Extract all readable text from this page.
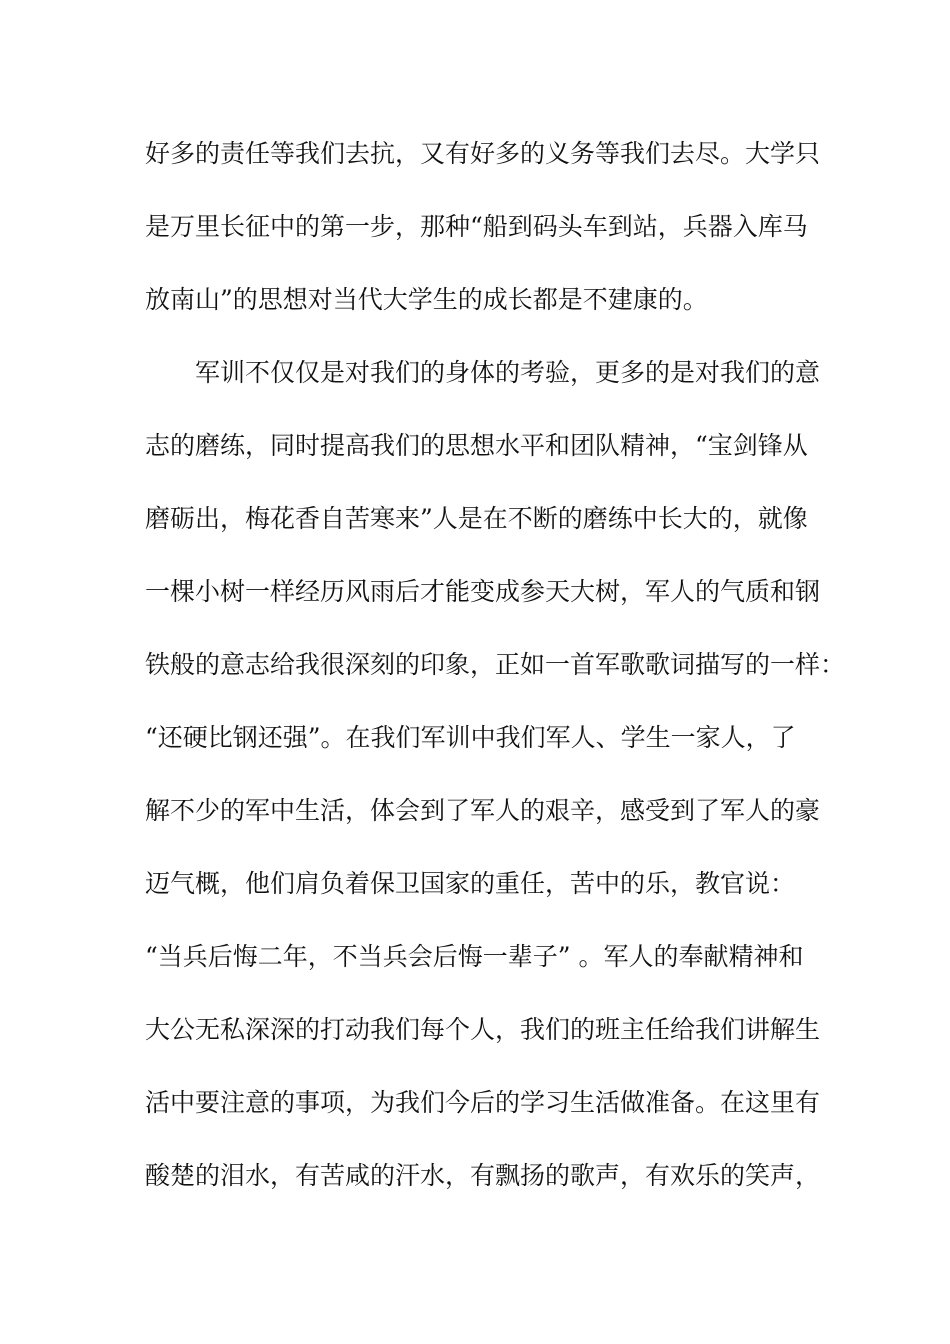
好多的责任等我们去抗，又有好多的义务等我们去尽。大学只
是万里长征中的第一步，那种“船到码头车到站，兵器入库马
放南山”的思想对当代大学生的成长都是不建康的。
军训不仅仅是对我们的身体的考验，更多的是对我们的意
志的磨练，同时提高我们的思想水平和团队精神，“宝剑锋从
磨砺出，梅花香自苦寒来”人是在不断的磨练中长大的，就像
一棵小树一样经历风雨后才能变成参天大树，军人的气质和钢
铁般的意志给我很深刻的印象，正如一首军歌歌词描写的一样：
“还硬比钢还强”。在我们军训中我们军人、学生一家人，了
解不少的军中生活，体会到了军人的艰辛，感受到了军人的豪
迈气概，他们肩负着保卫国家的重任，苦中的乐，教官说：
“当兵后悔二年，不当兵会后悔一辈子” 。军人的奉献精神和
大公无私深深的打动我们每个人，我们的班主任给我们讲解生
活中要注意的事项，为我们今后的学习生活做准备。在这里有
酸楚的泪水，有苦咸的汗水，有飘扬的歌声，有欢乐的笑声，
